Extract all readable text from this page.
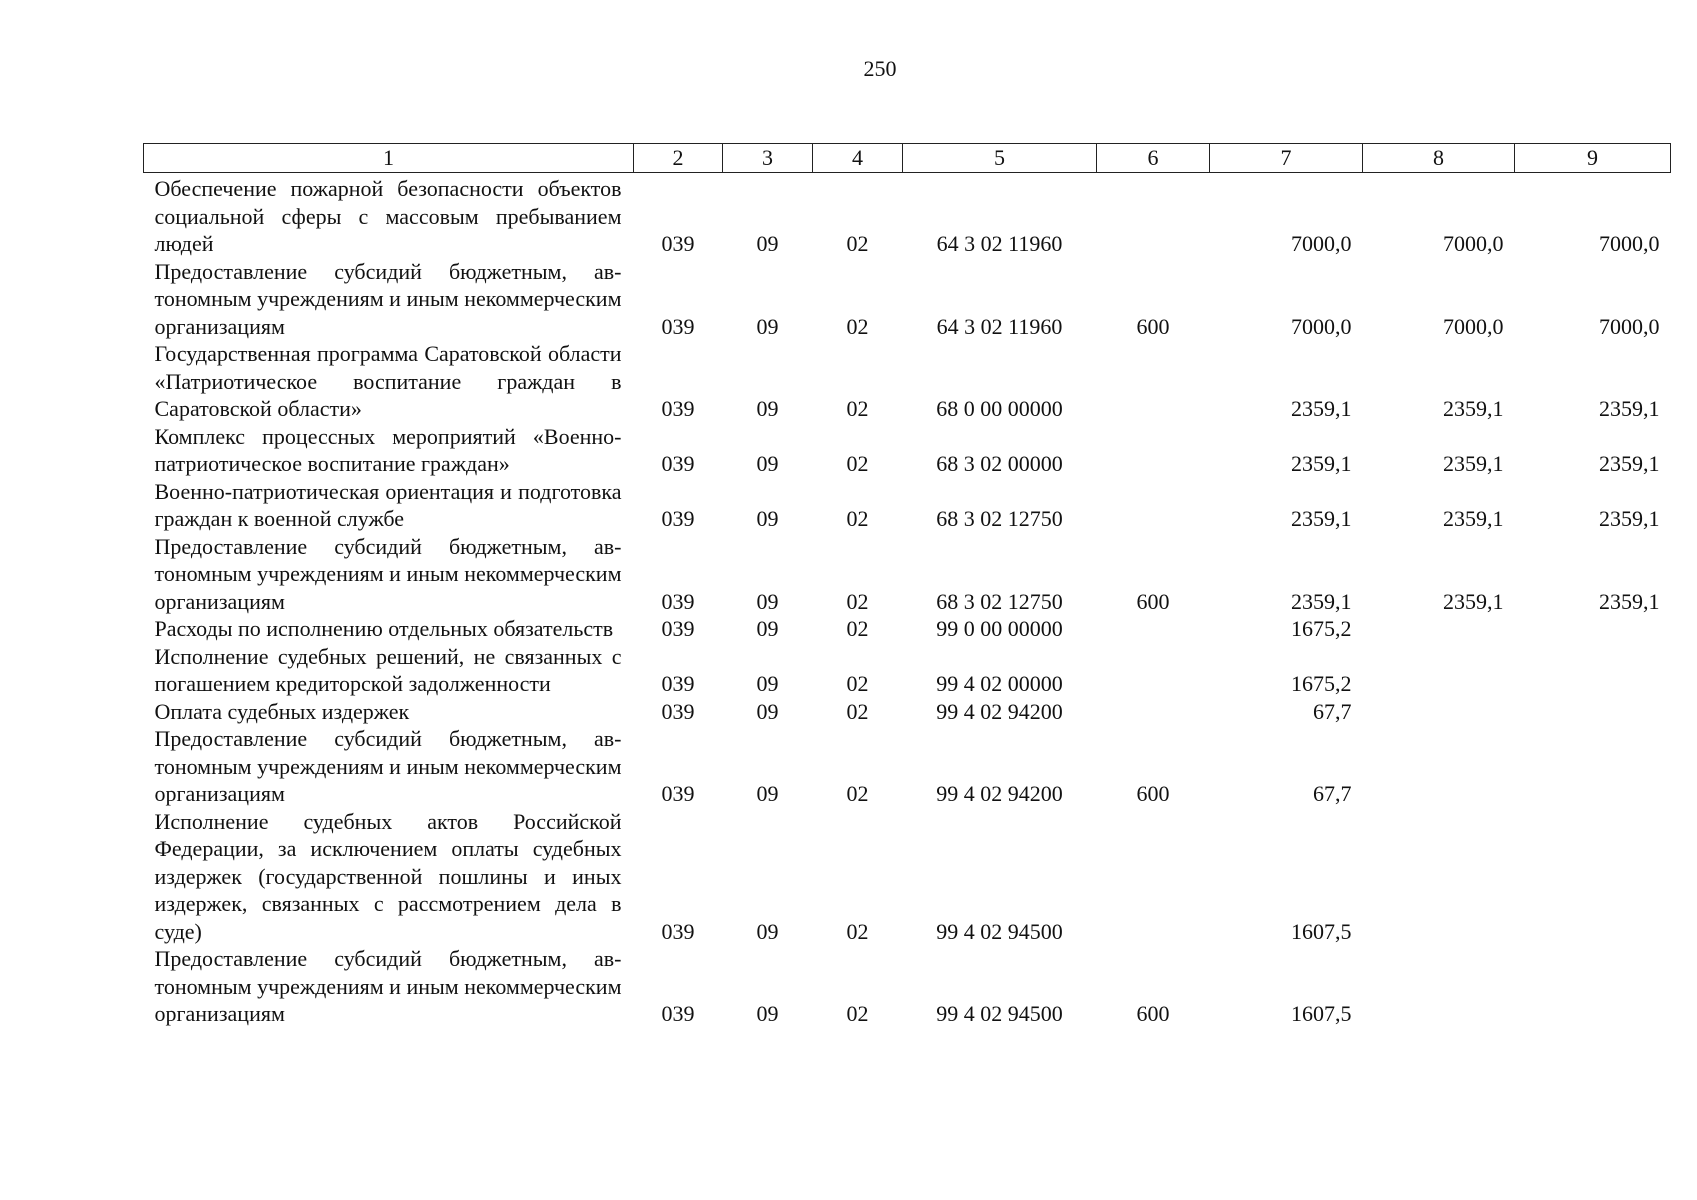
250
1	2	3	4	5	6	7	8	9
Обеспечение пожарной безопасности объектов социальной сферы с массовым пребыванием людей	039	09	02	64 3 02 11960		7000,0	7000,0	7000,0
Предоставление субсидий бюджетным, автономным учреждениям и иным некоммерческим организациям	039	09	02	64 3 02 11960	600	7000,0	7000,0	7000,0
Государственная программа Саратовской области «Патриотическое воспитание граждан в Саратовской области»	039	09	02	68 0 00 00000		2359,1	2359,1	2359,1
Комплекс процессных мероприятий «Военно-патриотическое воспитание граждан»	039	09	02	68 3 02 00000		2359,1	2359,1	2359,1
Военно-патриотическая ориентация и подготовка граждан к военной службе	039	09	02	68 3 02 12750		2359,1	2359,1	2359,1
Предоставление субсидий бюджетным, автономным учреждениям и иным некоммерческим организациям	039	09	02	68 3 02 12750	600	2359,1	2359,1	2359,1
Расходы по исполнению отдельных обязательств	039	09	02	99 0 00 00000		1675,2		
Исполнение судебных решений, не связанных с погашением кредиторской задолженности	039	09	02	99 4 02 00000		1675,2		
Оплата судебных издержек	039	09	02	99 4 02 94200		67,7		
Предоставление субсидий бюджетным, автономным учреждениям и иным некоммерческим организациям	039	09	02	99 4 02 94200	600	67,7		
Исполнение судебных актов Российской Федерации, за исключением оплаты судебных издержек (государственной пошлины и иных издержек, связанных с рассмотрением дела в суде)	039	09	02	99 4 02 94500		1607,5		
Предоставление субсидий бюджетным, автономным учреждениям и иным некоммерческим организациям	039	09	02	99 4 02 94500	600	1607,5		
